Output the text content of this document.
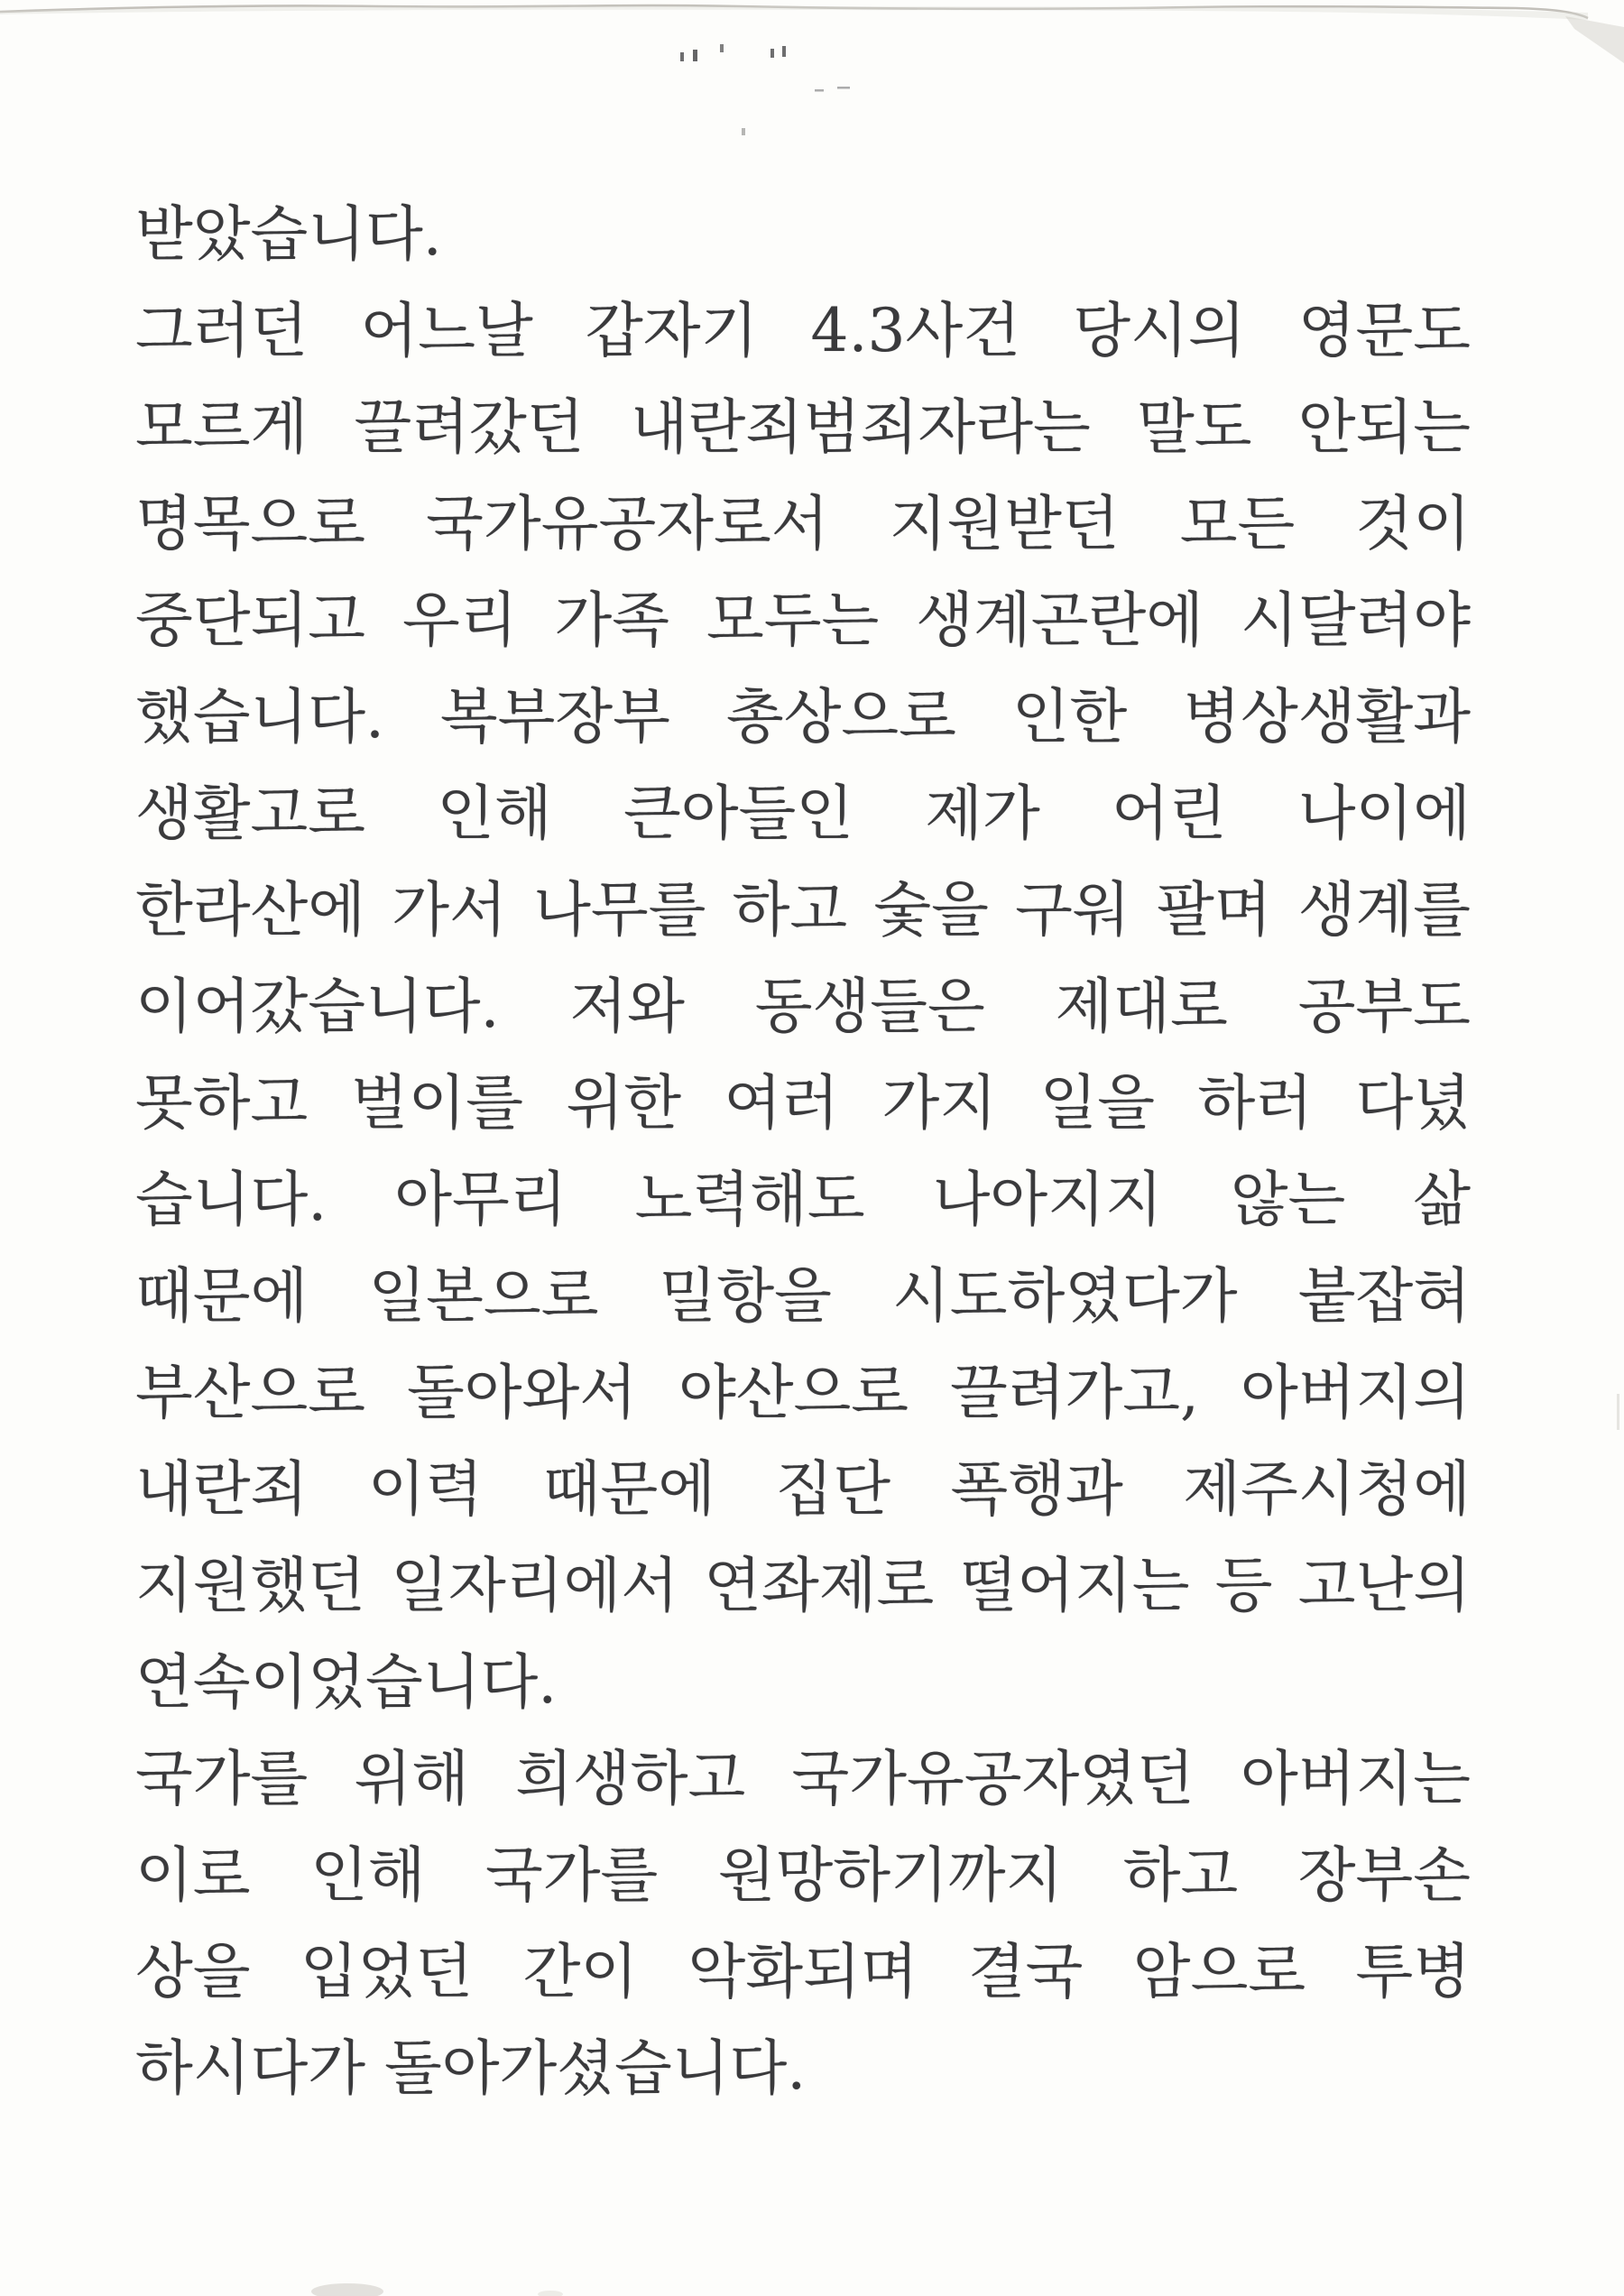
받았습니다.
그러던 어느날 갑자기 4.3사건 당시의 영문도
모르게 끌려갔던 내란죄범죄자라는 말도 안되는
명목으로 국가유공자로서 지원받던 모든 것이
중단되고 우리 가족 모두는 생계곤란에 시달려야
했습니다. 복부장부 총상으로 인한 병상생활과
생활고로 인해 큰아들인 제가 어린 나이에
한라산에 가서 나무를 하고 숯을 구워 팔며 생계를
이어갔습니다. 저와 동생들은 제대로 공부도
못하고 벌이를 위한 여러 가지 일을 하러 다녔
습니다. 아무리 노력해도 나아지지 않는 삶
때문에 일본으로 밀항을 시도하였다가 붙잡혀
부산으로 돌아와서 야산으로 끌려가고, 아버지의
내란죄 이력 때문에 집단 폭행과 제주시청에
지원했던 일자리에서 연좌제로 떨어지는 등 고난의
연속이었습니다.
국가를 위해 희생하고 국가유공자였던 아버지는
이로 인해 국가를 원망하기까지 하고 장부손
상을 입었던 간이 악화되며 결국 암으로 투병
하시다가 돌아가셨습니다.
